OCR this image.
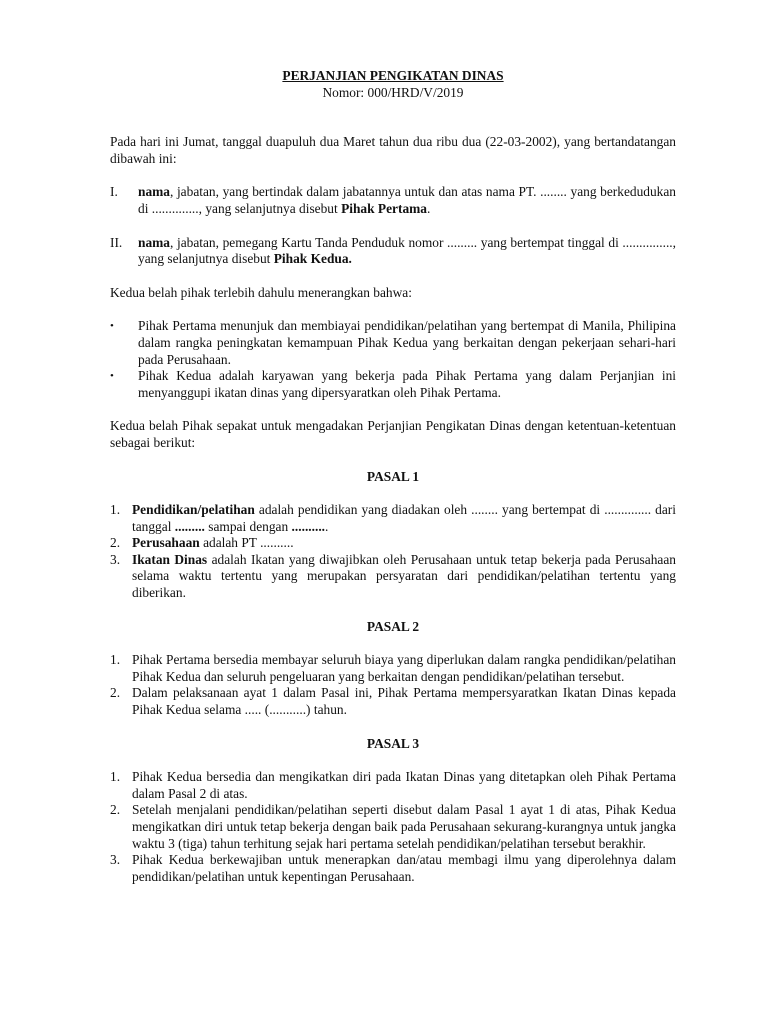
PERJANJIAN PENGIKATAN DINAS
Nomor: 000/HRD/V/2019

Pada hari ini Jumat, tanggal duapuluh dua Maret tahun dua ribu dua (22-03-2002), yang bertandatangan dibawah ini:

I.	nama, jabatan, yang bertindak dalam jabatannya untuk dan atas nama PT. ........ yang berkedudukan di .............., yang selanjutnya disebut Pihak Pertama.
II.	nama, jabatan, pemegang Kartu Tanda Penduduk nomor ......... yang bertempat tinggal di ..............., yang selanjutnya disebut Pihak Kedua.

Kedua belah pihak terlebih dahulu menerangkan bahwa:

•	Pihak Pertama menunjuk dan membiayai pendidikan/pelatihan yang bertempat di Manila, Philipina dalam rangka peningkatan kemampuan Pihak Kedua yang berkaitan dengan pekerjaan sehari-hari pada Perusahaan.
•	Pihak Kedua adalah karyawan yang bekerja pada Pihak Pertama yang dalam Perjanjian ini menyanggupi ikatan dinas yang dipersyaratkan oleh Pihak Pertama.

Kedua belah Pihak sepakat untuk mengadakan Perjanjian Pengikatan Dinas dengan ketentuan-ketentuan sebagai berikut:

PASAL 1
1. Pendidikan/pelatihan adalah pendidikan yang diadakan oleh ........ yang bertempat di .............. dari tanggal ......... sampai dengan ...........
2. Perusahaan adalah PT ..........
3. Ikatan Dinas adalah Ikatan yang diwajibkan oleh Perusahaan untuk tetap bekerja pada Perusahaan selama waktu tertentu yang merupakan persyaratan dari pendidikan/pelatihan tertentu yang diberikan.
PASAL 2
1. Pihak Pertama bersedia membayar seluruh biaya yang diperlukan dalam rangka pendidikan/pelatihan Pihak Kedua dan seluruh pengeluaran yang berkaitan dengan pendidikan/pelatihan tersebut.
2. Dalam pelaksanaan ayat 1 dalam Pasal ini, Pihak Pertama mempersyaratkan Ikatan Dinas kepada Pihak Kedua selama ..... (...........) tahun.
PASAL 3
1. Pihak Kedua bersedia dan mengikatkan diri pada Ikatan Dinas yang ditetapkan oleh Pihak Pertama dalam Pasal 2 di atas.
2. Setelah menjalani pendidikan/pelatihan seperti disebut dalam Pasal 1 ayat 1 di atas, Pihak Kedua mengikatkan diri untuk tetap bekerja dengan baik pada Perusahaan sekurang-kurangnya untuk jangka waktu 3 (tiga) tahun terhitung sejak hari pertama setelah pendidikan/pelatihan tersebut berakhir.
3. Pihak Kedua berkewajiban untuk menerapkan dan/atau membagi ilmu yang diperolehnya dalam pendidikan/pelatihan untuk kepentingan Perusahaan.
